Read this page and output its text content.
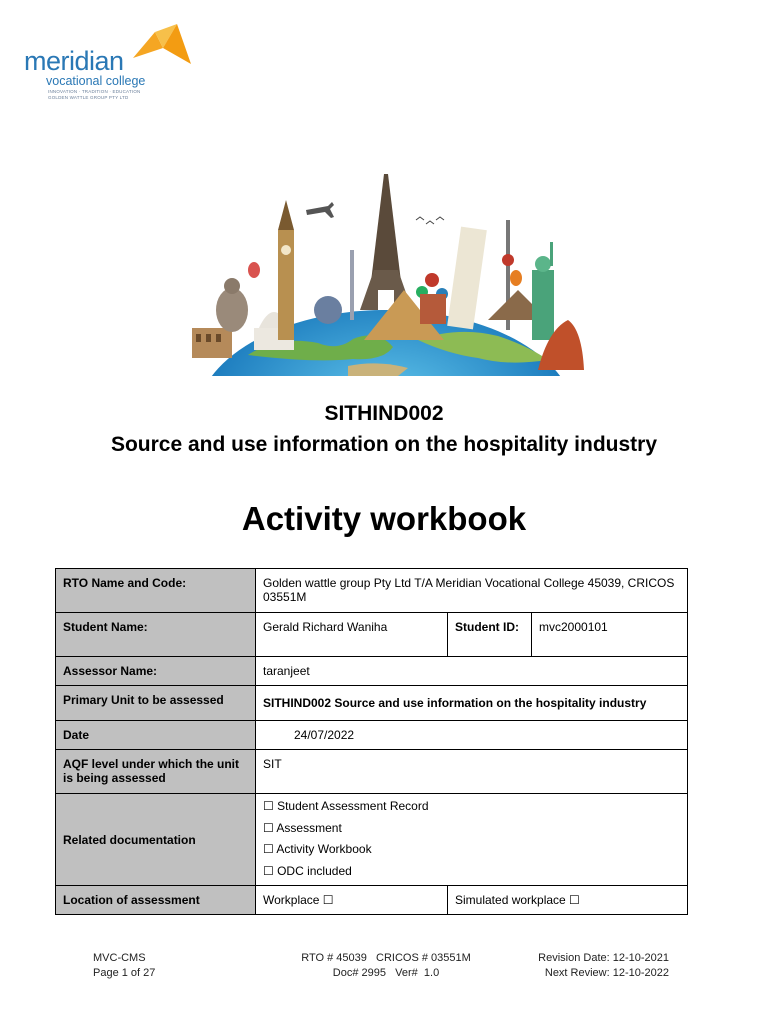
meridian
vocational college
INNOVATION · TRADITION · EDUCATION
GOLDEN WATTLE GROUP PTY LTD
SITHIND002
Source and use information on the hospitality industry
Activity workbook
RTO Name and Code:	Golden wattle group Pty Ltd T/A Meridian Vocational College 45039, CRICOS 03551M		
Student Name:	Gerald Richard Waniha	Student ID:	mvc2000101
Assessor Name:	taranjeet		
Primary Unit to be assessed	SITHIND002 Source and use information on the hospitality industry		
Date	24/07/2022		
AQF level under which the unit is being assessed	SIT		
Related documentation	☐ Student Assessment Record
☐ Assessment
☐ Activity Workbook
☐ ODC included		

Location of assessment	Workplace ☐	Simulated workplace ☐	
MVC-CMS
Page 1 of 27
RTO # 45039   CRICOS # 03551M
Doc# 2995   Ver#  1.0
Revision Date: 12-10-2021
Next Review: 12-10-2022
